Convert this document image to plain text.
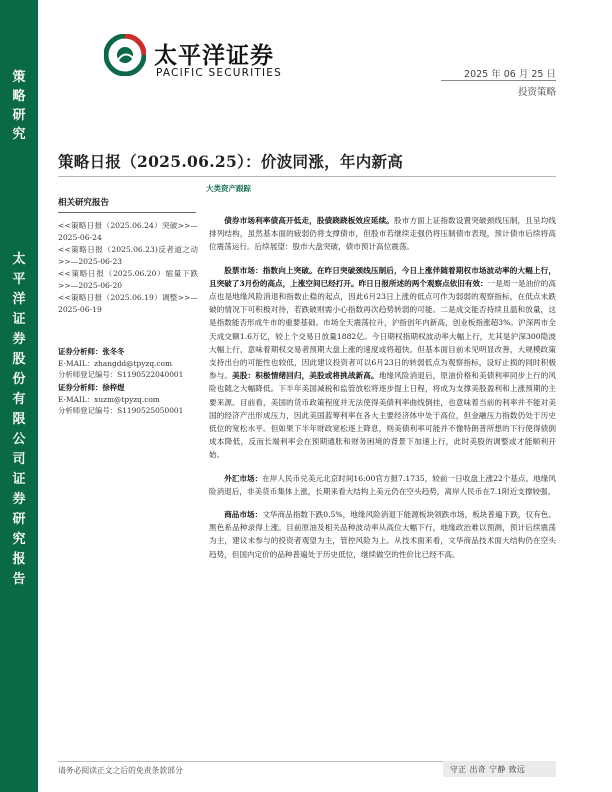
策
略
研
究
太
平
洋
证
券
股
份
有
限
公
司
证
券
研
究
报
告
太平洋证券
PACIFIC SECURITIES	2025 年 06 月 25 日
投资策略
策略日报（2025.06.25）：价波同涨，年内新高
大类资产跟踪
相关研究报告
<<策略日报（2025.06.24）突破>>—2025-06-24
<<策略日报（2025.06.23)反者道之动>>—2025-06-23
<<策略日报（2025.06.20）缩量下跌>>—2025-06-20
<<策略日报（2025.06.19）调整>>—2025-06-19
证券分析师：张冬冬
E-MAIL：zhangdd@tpyzq.com
分析师登记编号：S1190522040001
证券分析师：徐梓煜
E-MAIL：xuzm@tpyzq.com
分析师登记编号：S1190525050001

债券市场利率债高开低走，股债跷跷板效应延续。股市方面上证指数设置突破颈线压制，且呈均线排列结构，虽然基本面的疲弱仍将支撑债市，但股市若继续走强仍将压制债市表现，预计债市后续将高位震荡运行。后续展望：股市大盘突破，债市预计高位震荡。

股票市场：指数向上突破。在昨日突破颈线压制后，今日上涨伴随着期权市场波动率的大幅上行，且突破了3月份的高点，上涨空间已经打开。昨日日报所述的两个观察点依旧有效：一是周一是油价的高点也是地缘风险消退和指数止稳的起点，因此6月23日上涨的低点可作为弱弱的观察指标，在低点未跌破的情况下可积极对待，若跌破则需小心指数再次趋势转弱的可能。二是成交能否持续且温和放量，这是指数能否形成牛市的重要基础。市场全天震荡拉升，沪指创年内新高，创业板指涨超3%。沪深两市全天成交额1.6万亿，较上个交易日放量1882亿。今日期权指期权波动率大幅上行，尤其是沪深300隐波大幅上行，意味着期权交易者预期大盘上涨的速度或将超快。但基本面目前未见明显改善，大规模政策支持出台的可能性也较低，因此建议投资者可以6月23日的转弱低点为观察指标，设好止损的同时积极参与。美股：积极情绪回归，美股或将挑战新高。地缘风险消退后，原油价格和美债利率同步上行的风险也随之大幅降低。下半年美国减税和监管放松将逐步提上日程，将成为支撑美股盈利和上涨预期的主要来源。目前看，美国的货币政策程度并无法使得美债利率曲线倒挂，也意味着当前的利率并不能对美国的经济产出形成压力，因此美国蓝筹利率在各大主要经济体中处于高位，但金融压力指数仍处于历史低位的宽松水平。但如果下半年财政宽松逐上降息，则美债利率可能并不像特朗普所想的下行使得债倒成本降低，反而长端利率会在预期通胀和财务困境的背景下加速上行，此时美股的调整或才能顺利开始。

外汇市场：在岸人民币兑美元北京时间16:00官方报7.1735，较前一日收盘上涨22个基点。地缘风险消退后，非美货币集体上涨，长期来看大结构上美元仍在空头趋势，离岸人民币在7.1附近支撑较强。

商品市场：文华商品指数下跌0.5%，地缘风险消退下能源板块领跌市场，板块普遍下跌，仅有色、黑色系品种录得上涨。目前原油及相关品种波动率从高位大幅下行，地缘政治难以预测，预计后续震荡为主，建议未参与的投资者观望为主，管控风险为上。从技术面来看，文华商品技术面大结构仍在空头趋势，但国内定价的品种普遍处于历史低位，继续做空的性价比已经不高。

请务必阅读正文之后的免责条款部分	守正 出奇 宁静 致远
